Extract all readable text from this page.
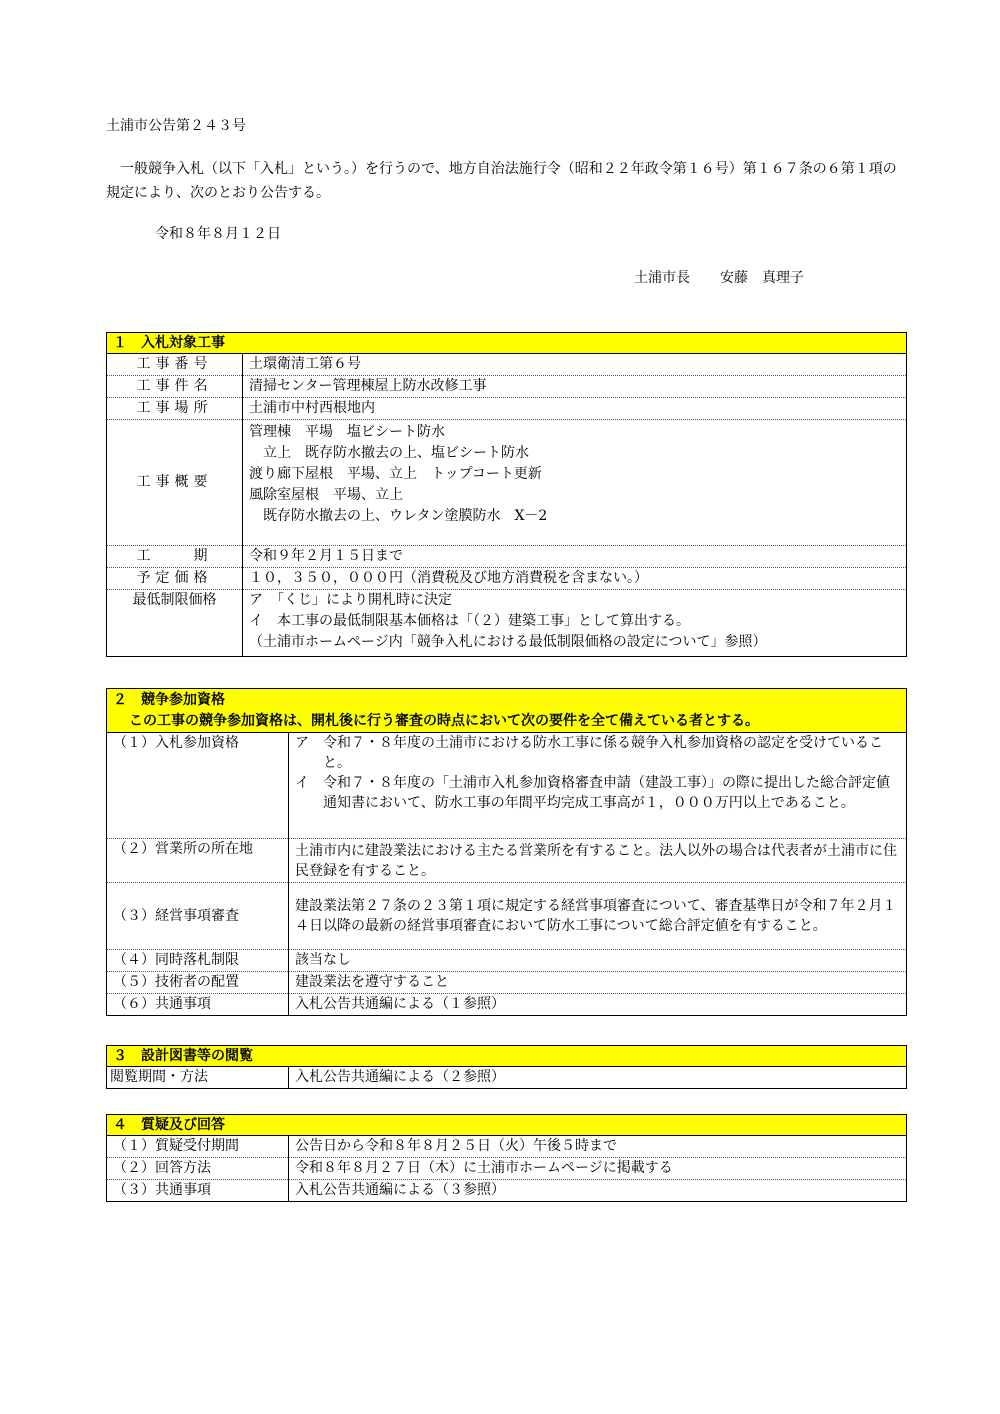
土浦市公告第２４３号
一般競争入札（以下「入札」という。）を行うので、地方自治法施行令（昭和２２年政令第１６号）第１６７条の６第１項の規定により、次のとおり公告する。
令和８年８月１２日
土浦市長 安藤　真理子
１　入札対象工事	
工事番号	土環衛清工第６号
工事件名	清掃センター管理棟屋上防水改修工事
工事場所	土浦市中村西根地内
工事概要	管理棟　平場　塩ビシート防水
　立上　既存防水撤去の上、塩ビシート防水
渡り廊下屋根　平場、立上　トップコート更新
風除室屋根　平場、立上
　既存防水撤去の上、ウレタン塗膜防水　X－2

工　　期	令和９年２月１５日まで
予定価格	１０，３５０，０００円（消費税及び地方消費税を含まない。）
最低制限価格	ア　「くじ」により開札時に決定
イ　本工事の最低制限基本価格は「（２）建築工事」として算出する。
（土浦市ホームページ内「競争入札における最低制限価格の設定について」参照）
２　競争参加資格
この工事の競争参加資格は、開札後に行う審査の時点において次の要件を全て備えている者とする。	

（１）入札参加資格	ア　令和７・８年度の土浦市における防水工事に係る競争入札参加資格の認定を受けていること。
イ　令和７・８年度の「土浦市入札参加資格審査申請（建設工事）」の際に提出した総合評定値通知書において、防水工事の年間平均完成工事高が１，０００万円以上であること。

（２）営業所の所在地	土浦市内に建設業法における主たる営業所を有すること。法人以外の場合は代表者が土浦市に住民登録を有すること。
（３）経営事項審査	建設業法第２７条の２３第１項に規定する経営事項審査について、審査基準日が令和７年２月１４日以降の最新の経営事項審査において防水工事について総合評定値を有すること。
（４）同時落札制限	該当なし
（５）技術者の配置	建設業法を遵守すること
（６）共通事項	入札公告共通編による（１参照）
３　設計図書等の閲覧
閲覧期間・方法	入札公告共通編による（２参照）
４　質疑及び回答	
（１）質疑受付期間	公告日から令和８年８月２５日（火）午後５時まで
（２）回答方法	令和８年８月２７日（木）に土浦市ホームページに掲載する
（３）共通事項	入札公告共通編による（３参照）
